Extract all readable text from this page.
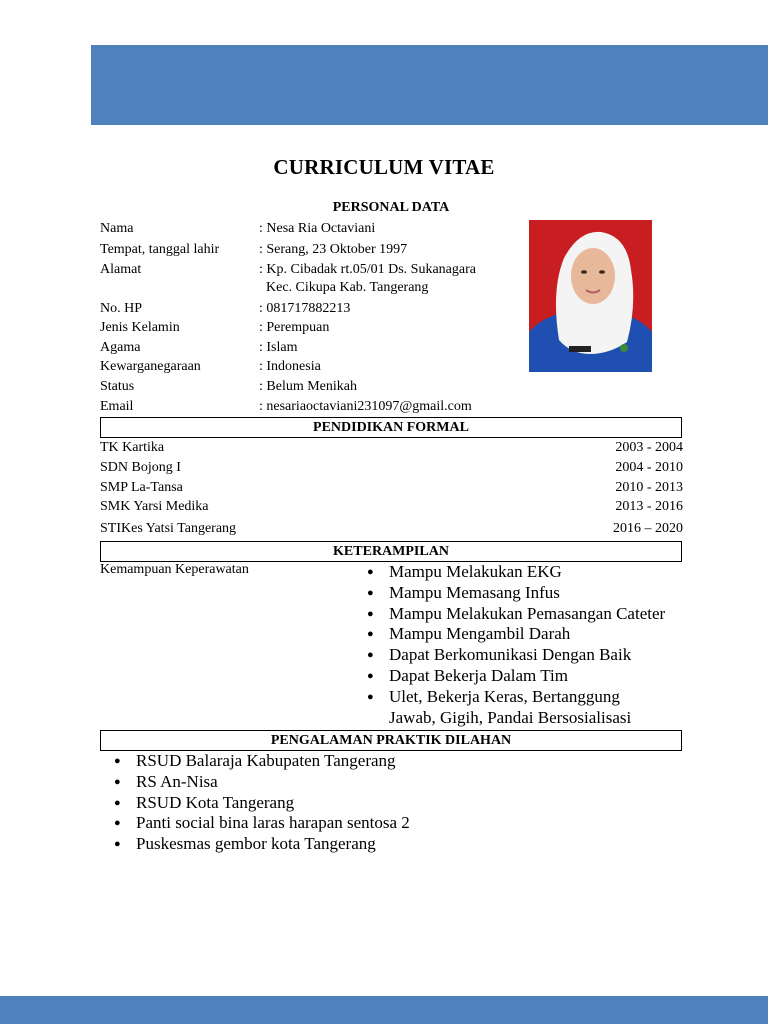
CURRICULUM VITAE
PERSONAL DATA
Nama	: Nesa Ria Octaviani
Tempat, tanggal lahir	: Serang, 23 Oktober 1997
Alamat	: Kp. Cibadak rt.05/01 Ds. Sukanagara
Kec. Cikupa Kab. Tangerang
No. HP	: 081717882213
Jenis Kelamin	: Perempuan
Agama	: Islam
Kewarganegaraan	: Indonesia
Status	: Belum Menikah
Email	: nesariaoctaviani231097@gmail.com
PENDIDIKAN FORMAL
TK Kartika	2003 - 2004
SDN Bojong I	2004 - 2010
SMP La-Tansa	2010 - 2013
SMK Yarsi Medika	2013 - 2016
STIKes Yatsi Tangerang	2016 – 2020
KETERAMPILAN
Kemampuan Keperawatan
●	Mampu Melakukan EKG
● Mampu Memasang Infus
● Mampu Melakukan Pemasangan Cateter
● Mampu Mengambil Darah
● Dapat Berkomunikasi Dengan Baik
● Dapat Bekerja Dalam Tim
● Ulet, Bekerja Keras, Bertanggung Jawab, Gigih, Pandai Bersosialisasi
PENGALAMAN PRAKTIK DILAHAN
● RSUD Balaraja Kabupaten Tangerang
● RS An-Nisa
● RSUD Kota Tangerang
● Panti social bina laras harapan sentosa 2
● Puskesmas gembor kota Tangerang
